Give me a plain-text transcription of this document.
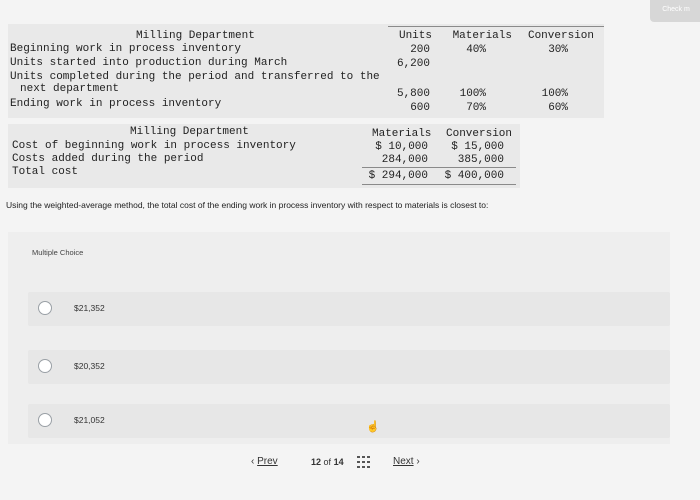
Check m
Milling Department	Units	Materials	Conversion
Beginning work in process inventory	200	40%	30%
Units started into production during March	6,200
Units completed during the period and transferred to the
next department	5,800	100%	100%
Ending work in process inventory	600	70%	60%
Milling Department	Materials Conversion
Cost of beginning work in process inventory	$ 10,000	$ 15,000
Costs added during the period	284,000	385,000
Total cost	$ 294,000	$ 400,000
Using the weighted-average method, the total cost of the ending work in process inventory with respect to materials is closest to:
Multiple Choice
$21,352
$20,352
$21,052
☝
‹ Prev	12 of 14	Next ›
